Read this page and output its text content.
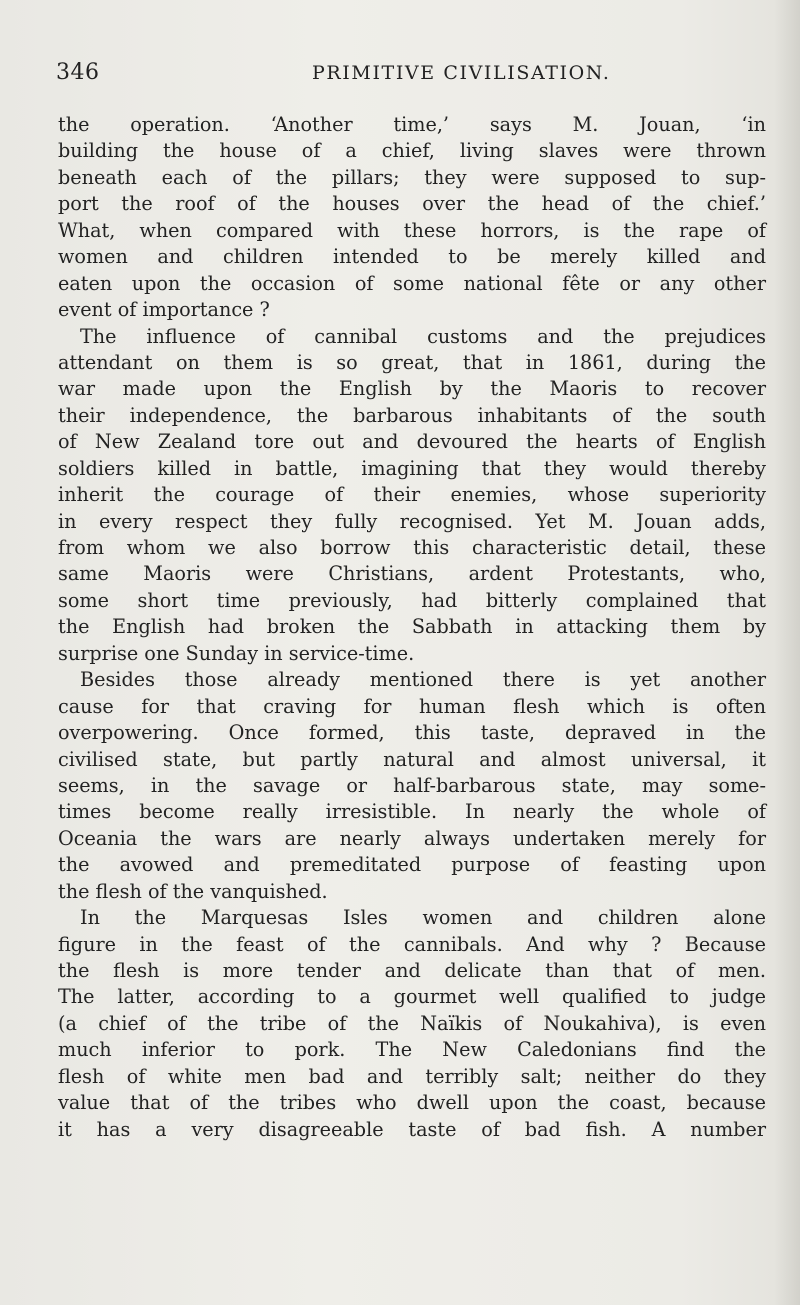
346	PRIMITIVE CIVILISATION.
the operation. ‘Another time,’ says M. Jouan, ‘in
building the house of a chief, living slaves were thrown
beneath each of the pillars; they were supposed to sup-
port the roof of the houses over the head of the chief.’
What, when compared with these horrors, is the rape of
women and children intended to be merely killed and
eaten upon the occasion of some national fête or any other
event of importance ?
The influence of cannibal customs and the prejudices
attendant on them is so great, that in 1861, during the
war made upon the English by the Maoris to recover
their independence, the barbarous inhabitants of the south
of New Zealand tore out and devoured the hearts of English
soldiers killed in battle, imagining that they would thereby
inherit the courage of their enemies, whose superiority
in every respect they fully recognised. Yet M. Jouan adds,
from whom we also borrow this characteristic detail, these
same Maoris were Christians, ardent Protestants, who,
some short time previously, had bitterly complained that
the English had broken the Sabbath in attacking them by
surprise one Sunday in service-time.
Besides those already mentioned there is yet another
cause for that craving for human flesh which is often
overpowering. Once formed, this taste, depraved in the
civilised state, but partly natural and almost universal, it
seems, in the savage or half-barbarous state, may some-
times become really irresistible. In nearly the whole of
Oceania the wars are nearly always undertaken merely for
the avowed and premeditated purpose of feasting upon
the flesh of the vanquished.
In the Marquesas Isles women and children alone
figure in the feast of the cannibals. And why ? Because
the flesh is more tender and delicate than that of men.
The latter, according to a gourmet well qualified to judge
(a chief of the tribe of the Naïkis of Noukahiva), is even
much inferior to pork. The New Caledonians find the
flesh of white men bad and terribly salt; neither do they
value that of the tribes who dwell upon the coast, because
it has a very disagreeable taste of bad fish. A number
